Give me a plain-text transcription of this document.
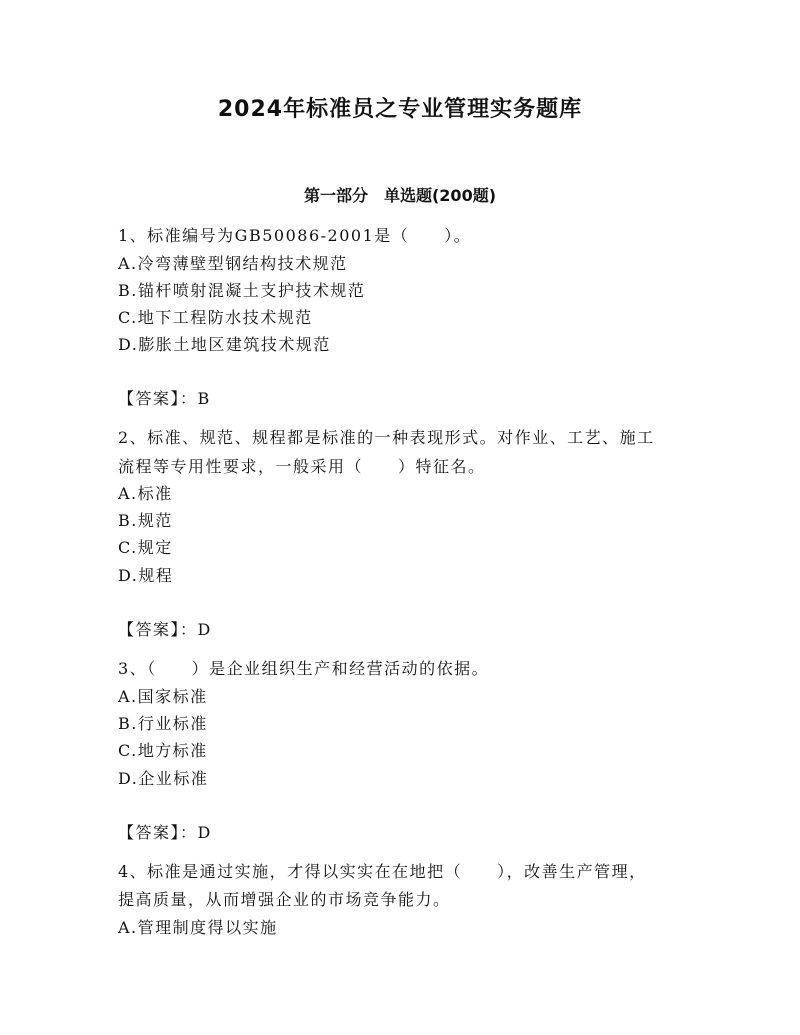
2024年标准员之专业管理实务题库
第一部分　单选题(200题)
1、标准编号为GB50086-2001是（　　）。
A.冷弯薄壁型钢结构技术规范
B.锚杆喷射混凝土支护技术规范
C.地下工程防水技术规范
D.膨胀土地区建筑技术规范
【答案】：B
2、标准、规范、规程都是标准的一种表现形式。对作业、工艺、施工
流程等专用性要求，一般采用（　　）特征名。
A.标准
B.规范
C.规定
D.规程
【答案】：D
3、（　　）是企业组织生产和经营活动的依据。
A.国家标准
B.行业标准
C.地方标准
D.企业标准
【答案】：D
4、标准是通过实施，才得以实实在在地把（　　），改善生产管理，
提高质量，从而增强企业的市场竞争能力。
A.管理制度得以实施
